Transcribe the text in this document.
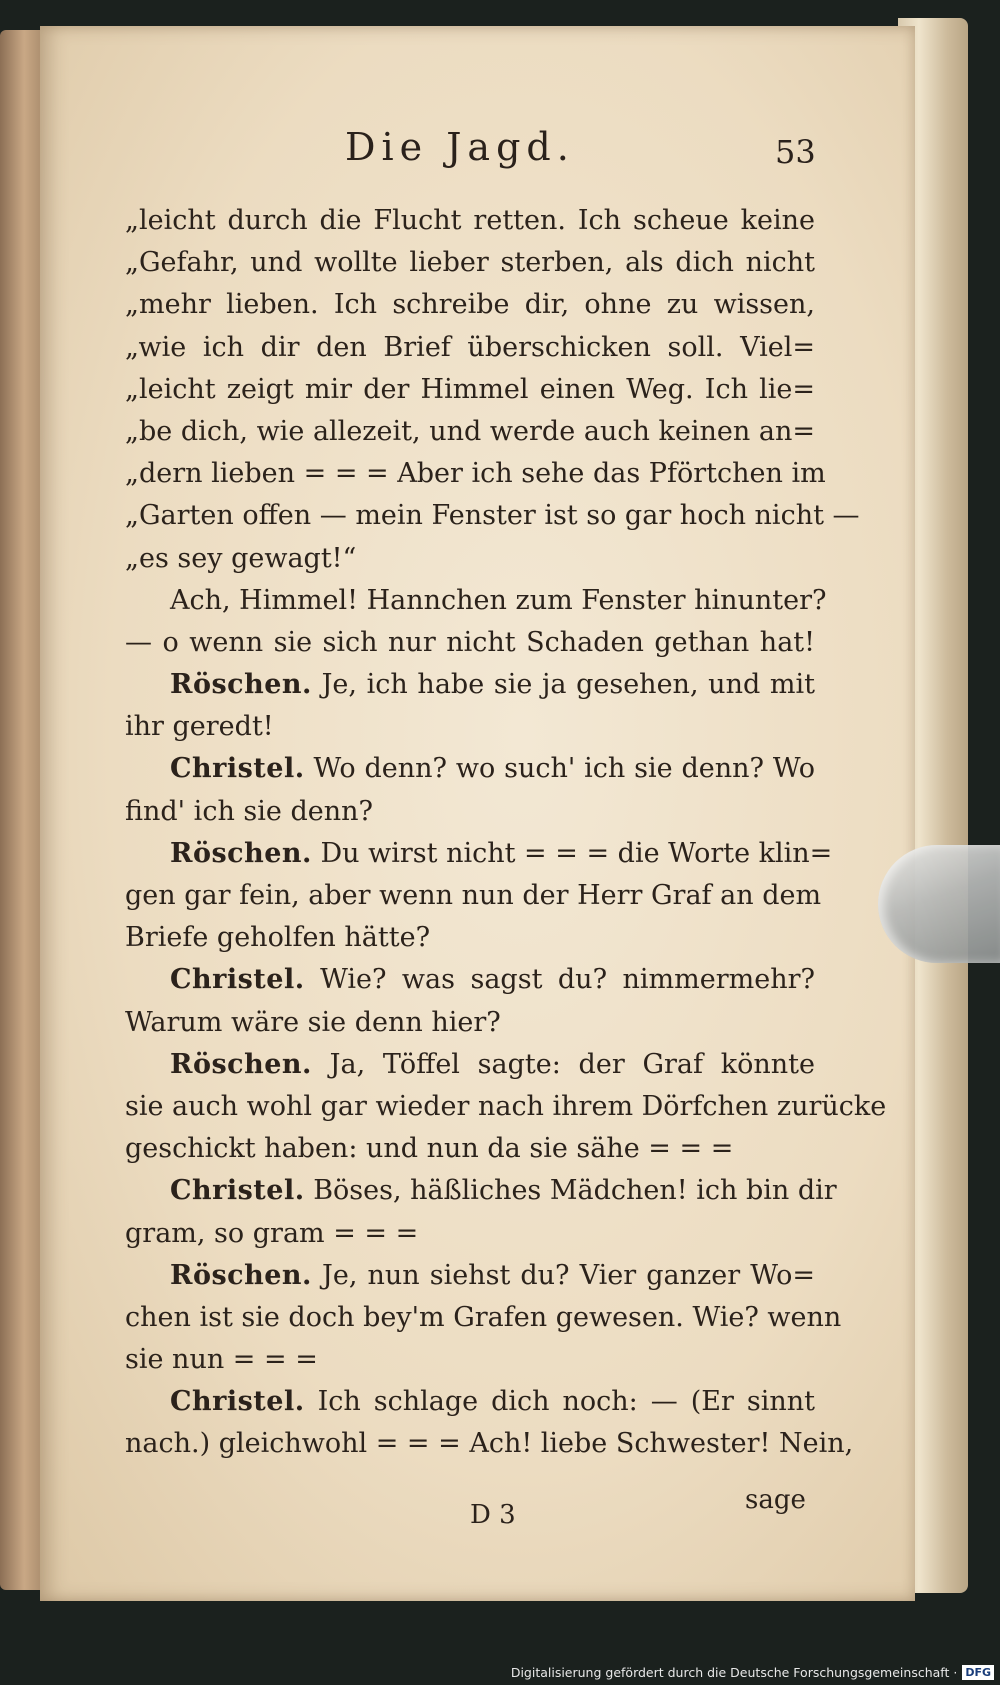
Die Jagd.	53
„leicht durch die Flucht retten. Ich scheue keine
„Gefahr, und wollte lieber sterben, als dich nicht
„mehr lieben. Ich schreibe dir, ohne zu wissen,
„wie ich dir den Brief überschicken soll. Viel=
„leicht zeigt mir der Himmel einen Weg. Ich lie=
„be dich, wie allezeit, und werde auch keinen an=
„dern lieben = = = Aber ich sehe das Pförtchen im
„Garten offen — mein Fenster ist so gar hoch nicht —
„es sey gewagt!“
Ach, Himmel! Hannchen zum Fenster hinunter?
— o wenn sie sich nur nicht Schaden gethan hat!
Röschen. Je, ich habe sie ja gesehen, und mit
ihr geredt!
Christel. Wo denn? wo such' ich sie denn? Wo
find' ich sie denn?
Röschen. Du wirst nicht = = = die Worte klin=
gen gar fein, aber wenn nun der Herr Graf an dem
Briefe geholfen hätte?
Christel. Wie? was sagst du? nimmermehr?
Warum wäre sie denn hier?
Röschen. Ja, Töffel sagte: der Graf könnte
sie auch wohl gar wieder nach ihrem Dörfchen zurücke
geschickt haben: und nun da sie sähe = = =
Christel. Böses, häßliches Mädchen! ich bin dir
gram, so gram = = =
Röschen. Je, nun siehst du? Vier ganzer Wo=
chen ist sie doch bey'm Grafen gewesen. Wie? wenn
sie nun = = =
Christel. Ich schlage dich noch: — (Er sinnt
nach.) gleichwohl = = = Ach! liebe Schwester! Nein,
D 3	sage
Digitalisierung gefördert durch die Deutsche Forschungsgemeinschaft · DFG
